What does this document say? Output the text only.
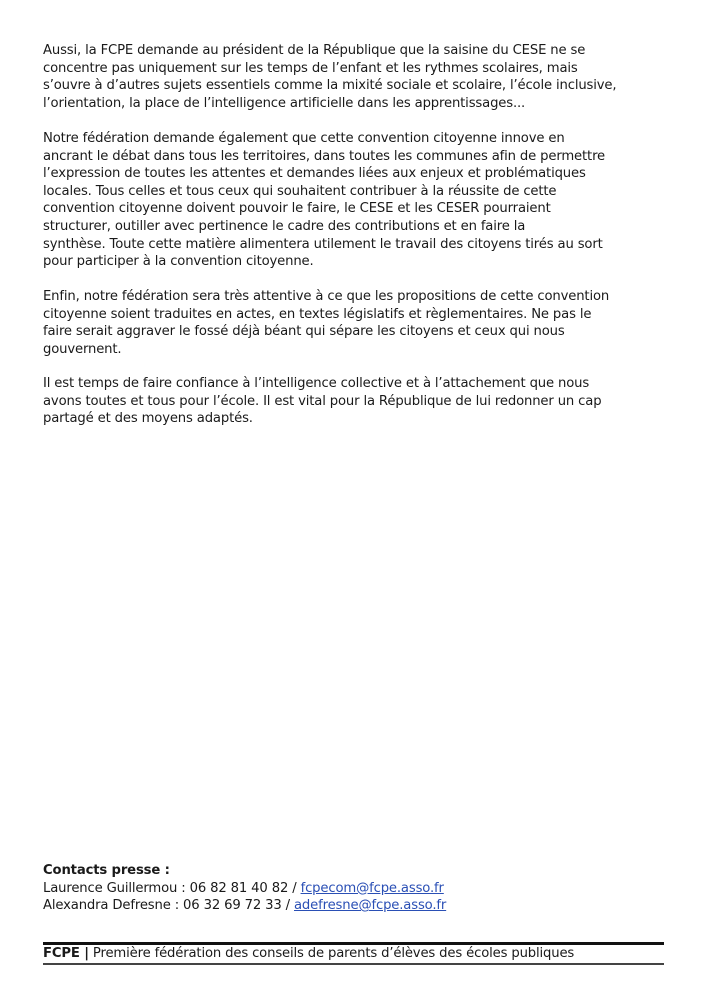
Aussi, la FCPE demande au président de la République que la saisine du CESE ne se
concentre pas uniquement sur les temps de l’enfant et les rythmes scolaires, mais
s’ouvre à d’autres sujets essentiels comme la mixité sociale et scolaire, l’école inclusive,
l’orientation, la place de l’intelligence artificielle dans les apprentissages...

Notre fédération demande également que cette convention citoyenne innove en
ancrant le débat dans tous les territoires, dans toutes les communes afin de permettre
l’expression de toutes les attentes et demandes liées aux enjeux et problématiques
locales. Tous celles et tous ceux qui souhaitent contribuer à la réussite de cette
convention citoyenne doivent pouvoir le faire, le CESE et les CESER pourraient
structurer, outiller avec pertinence le cadre des contributions et en faire la
synthèse. Toute cette matière alimentera utilement le travail des citoyens tirés au sort
pour participer à la convention citoyenne.

Enfin, notre fédération sera très attentive à ce que les propositions de cette convention
citoyenne soient traduites en actes, en textes législatifs et règlementaires. Ne pas le
faire serait aggraver le fossé déjà béant qui sépare les citoyens et ceux qui nous
gouvernent.

Il est temps de faire confiance à l’intelligence collective et à l’attachement que nous
avons toutes et tous pour l’école. Il est vital pour la République de lui redonner un cap
partagé et des moyens adaptés.

Contacts presse :
Laurence Guillermou : 06 82 81 40 82 / fcpecom@fcpe.asso.fr
Alexandra Defresne : 06 32 69 72 33 / adefresne@fcpe.asso.fr
FCPE | Première fédération des conseils de parents d’élèves des écoles publiques
